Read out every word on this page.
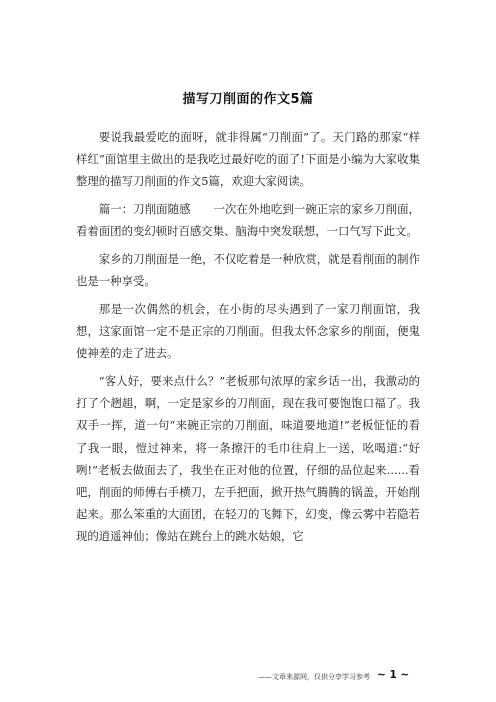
描写刀削面的作文5篇

要说我最爱吃的面呀，就非得属“刀削面”了。天门路的那家“样样红”面馆里主做出的是我吃过最好吃的面了!下面是小编为大家收集整理的描写刀削面的作文5篇，欢迎大家阅读。

篇一：刀削面随感　　一次在外地吃到一碗正宗的家乡刀削面，看着面团的变幻顿时百感交集、脑海中突发联想，一口气写下此文。

家乡的刀削面是一绝，不仅吃着是一种欣赏，就是看削面的制作也是一种享受。

那是一次偶然的机会，在小街的尽头遇到了一家刀削面馆，我想，这家面馆一定不是正宗的刀削面。但我太怀念家乡的削面，便鬼使神差的走了进去。

“客人好，要来点什么？”老板那句浓厚的家乡话一出，我激动的打了个趔趄，啊，一定是家乡的刀削面，现在我可要饱饱口福了。我双手一挥，道一句“来碗正宗的刀削面，味道要地道!”老板怔怔的看了我一眼，愷过神来，将一条擦汗的毛巾往肩上一送，吆喝道:“好咧!”老板去做面去了，我坐在正对他的位置，仔细的品位起来......看吧，削面的师傅右手横刀，左手把面，掀开热气腾腾的锅盖，开始削起来。那么笨重的大面团，在轻刀的飞舞下，幻变，像云雾中若隐若现的逍遥神仙；像站在跳台上的跳水姑娘，它

——文章来源网，仅供分享学习参考 ~ 1 ~
